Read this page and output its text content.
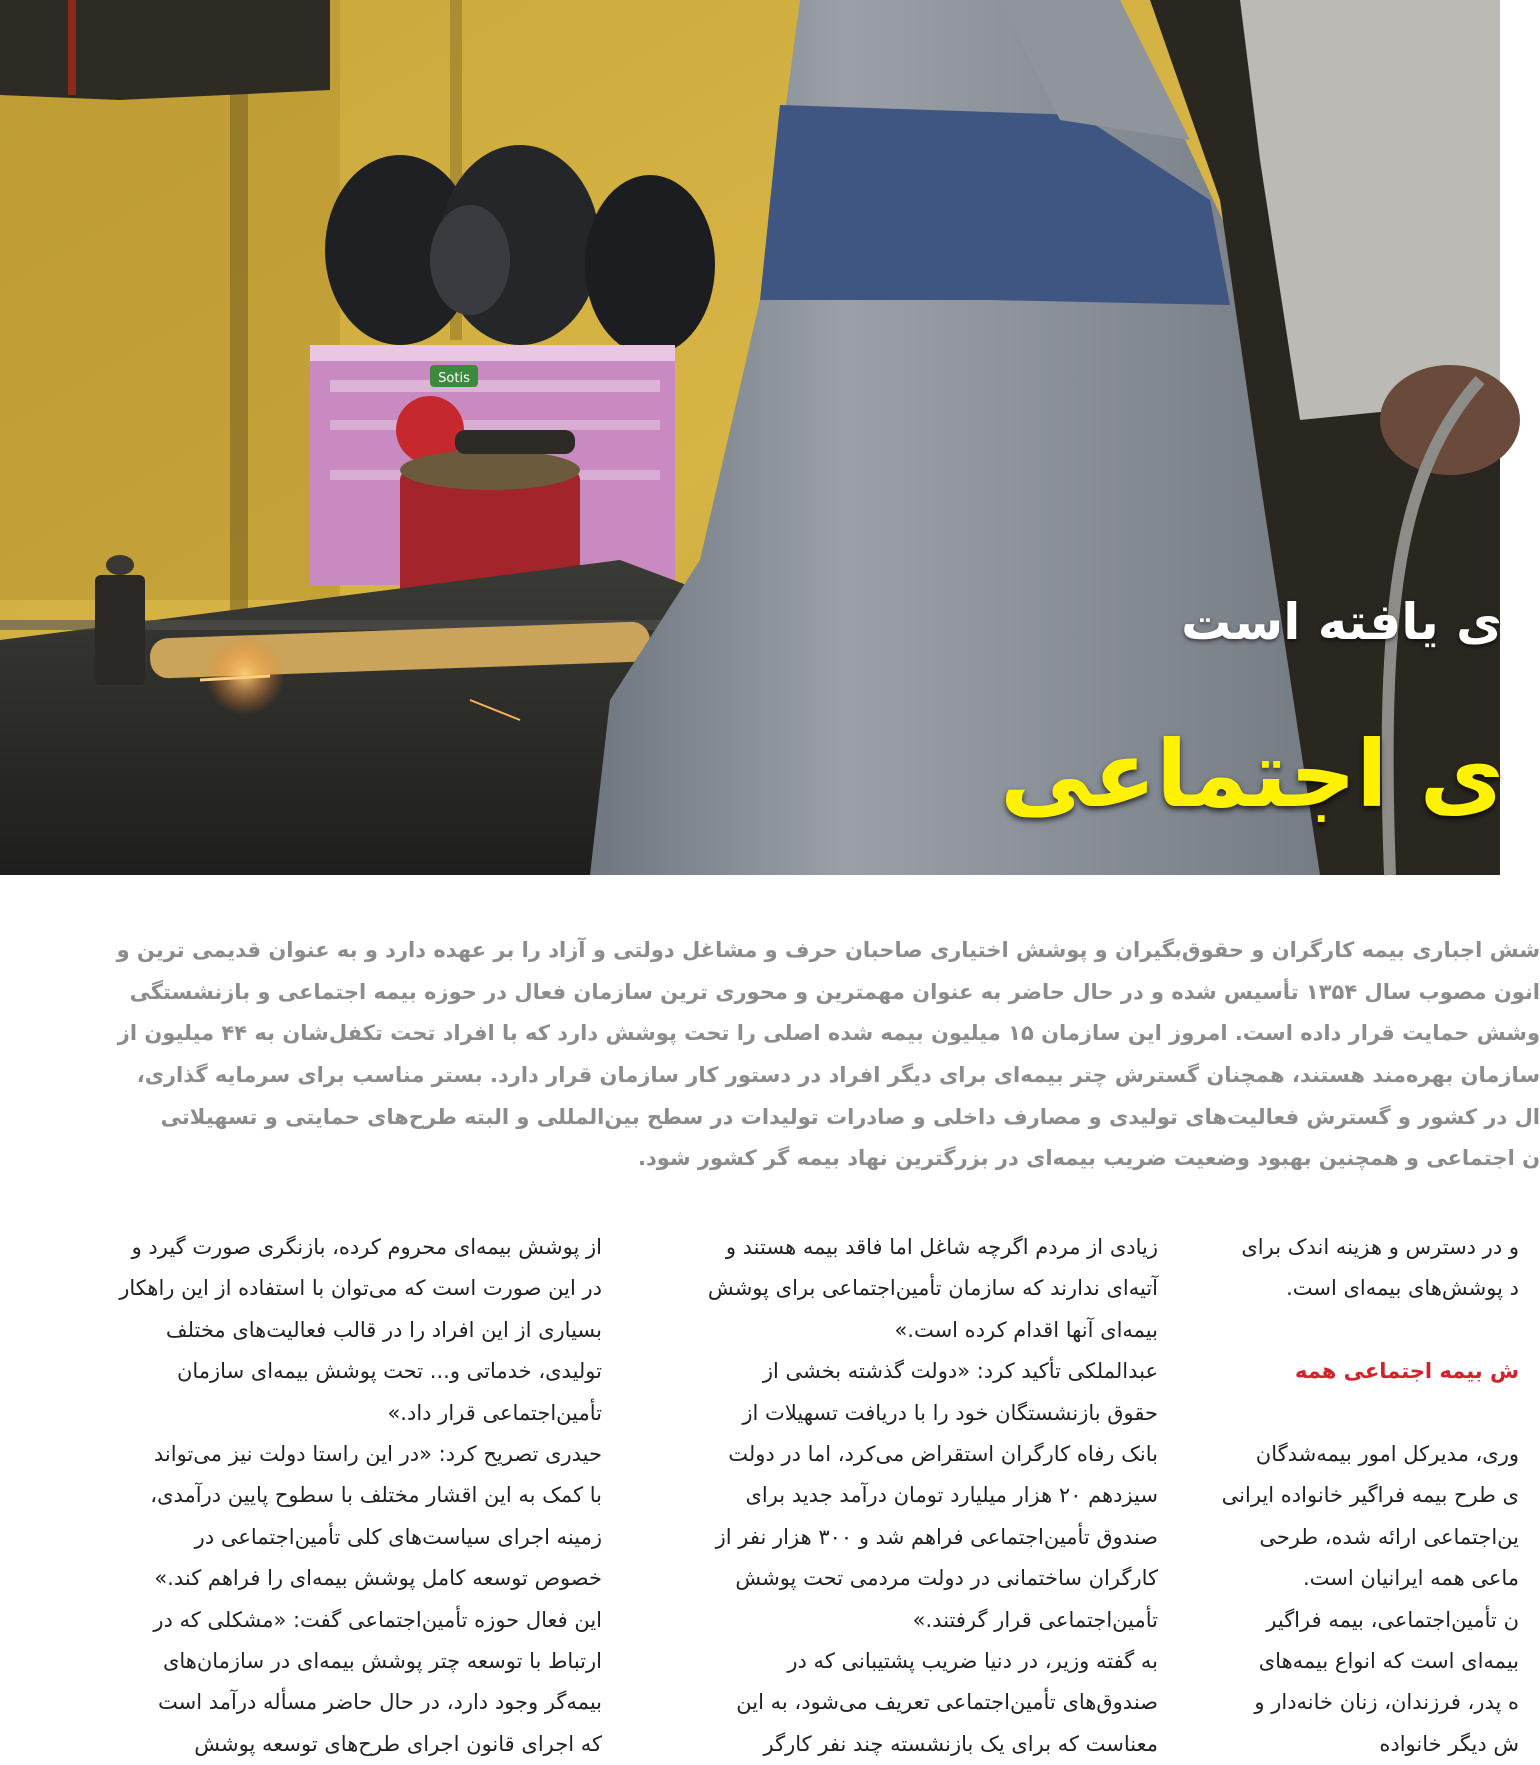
Sotis
ی یافته است
ی اجتماعی
شش اجباری بیمه کارگران و حقوق‌بگیران و پوشش اختیاری صاحبان حرف و مشاغل دولتی و آزاد را بر عهده دارد و به عنوان قدیمی ترین و
انون مصوب سال ۱۳۵۴ تأسیس شده و در حال حاضر به عنوان مهمترین و محوری ترین سازمان فعال در حوزه بیمه اجتماعی و بازنشستگی
وشش حمایت قرار داده است. امروز این سازمان ۱۵ میلیون بیمه شده اصلی را تحت پوشش دارد که با افراد تحت تکفل‌شان به ۴۴ میلیون از
سازمان بهره‌مند هستند، همچنان گسترش چتر بیمه‌ای برای دیگر افراد در دستور کار سازمان قرار دارد. بستر مناسب برای سرمایه گذاری،
ال در کشور و گسترش فعالیت‌های تولیدی و مصارف داخلی و صادرات تولیدات در سطح بین‌المللی و البته طرح‌های حمایتی و تسهیلاتی
ن اجتماعی و همچنین بهبود وضعیت ضریب بیمه‌ای در بزرگترین نهاد بیمه گر کشور شود.
از پوشش بیمه‌ای محروم کرده، بازنگری صورت گیرد و
در این صورت است که می‌توان با استفاده از این راهکار
بسیاری از این افراد را در قالب فعالیت‌های مختلف
تولیدی، خدماتی و... تحت پوشش بیمه‌ای سازمان
تأمین‌اجتماعی قرار داد.»
حیدری تصریح کرد: «در این راستا دولت نیز می‌تواند
با کمک به این اقشار مختلف با سطوح پایین درآمدی،
زمینه اجرای سیاست‌های کلی تأمین‌اجتماعی در
خصوص توسعه کامل پوشش بیمه‌ای را فراهم کند.»
این فعال حوزه تأمین‌اجتماعی گفت: «مشکلی که در
ارتباط با توسعه چتر پوشش بیمه‌ای در سازمان‌های
بیمه‌گر وجود دارد، در حال حاضر مسأله درآمد است
که اجرای قانون اجرای طرح‌های توسعه پوشش
زیادی از مردم اگرچه شاغل اما فاقد بیمه هستند و
آتیه‌ای ندارند که سازمان تأمین‌اجتماعی برای پوشش
بیمه‌ای آنها اقدام کرده است.»
عبدالملکی تأکید کرد: «دولت گذشته بخشی از
حقوق بازنشستگان خود را با دریافت تسهیلات از
بانک رفاه کارگران استقراض می‌کرد، اما در دولت
سیزدهم ۲۰ هزار میلیارد تومان درآمد جدید برای
صندوق تأمین‌اجتماعی فراهم شد و ۳۰۰ هزار نفر از
کارگران ساختمانی در دولت مردمی تحت پوشش
تأمین‌اجتماعی قرار گرفتند.»
به گفته وزیر، در دنیا ضریب پشتیبانی که در
صندوق‌های تأمین‌اجتماعی تعریف می‌شود، به این
معناست که برای یک بازنشسته چند نفر کارگر
و در دسترس و هزینه اندک برای
د پوشش‌های بیمه‌ای است.
ش بیمه اجتماعی همه
وری، مدیرکل امور بیمه‌شدگان
ی طرح بیمه فراگیر خانواده ایرانی
ین‌اجتماعی ارائه شده، طرحی
ماعی همه ایرانیان است.
ن تأمین‌اجتماعی، بیمه فراگیر
بیمه‌ای است که انواع بیمه‌های
ه پدر، فرزندان، زنان خانه‌دار و
ش دیگر خانواده
